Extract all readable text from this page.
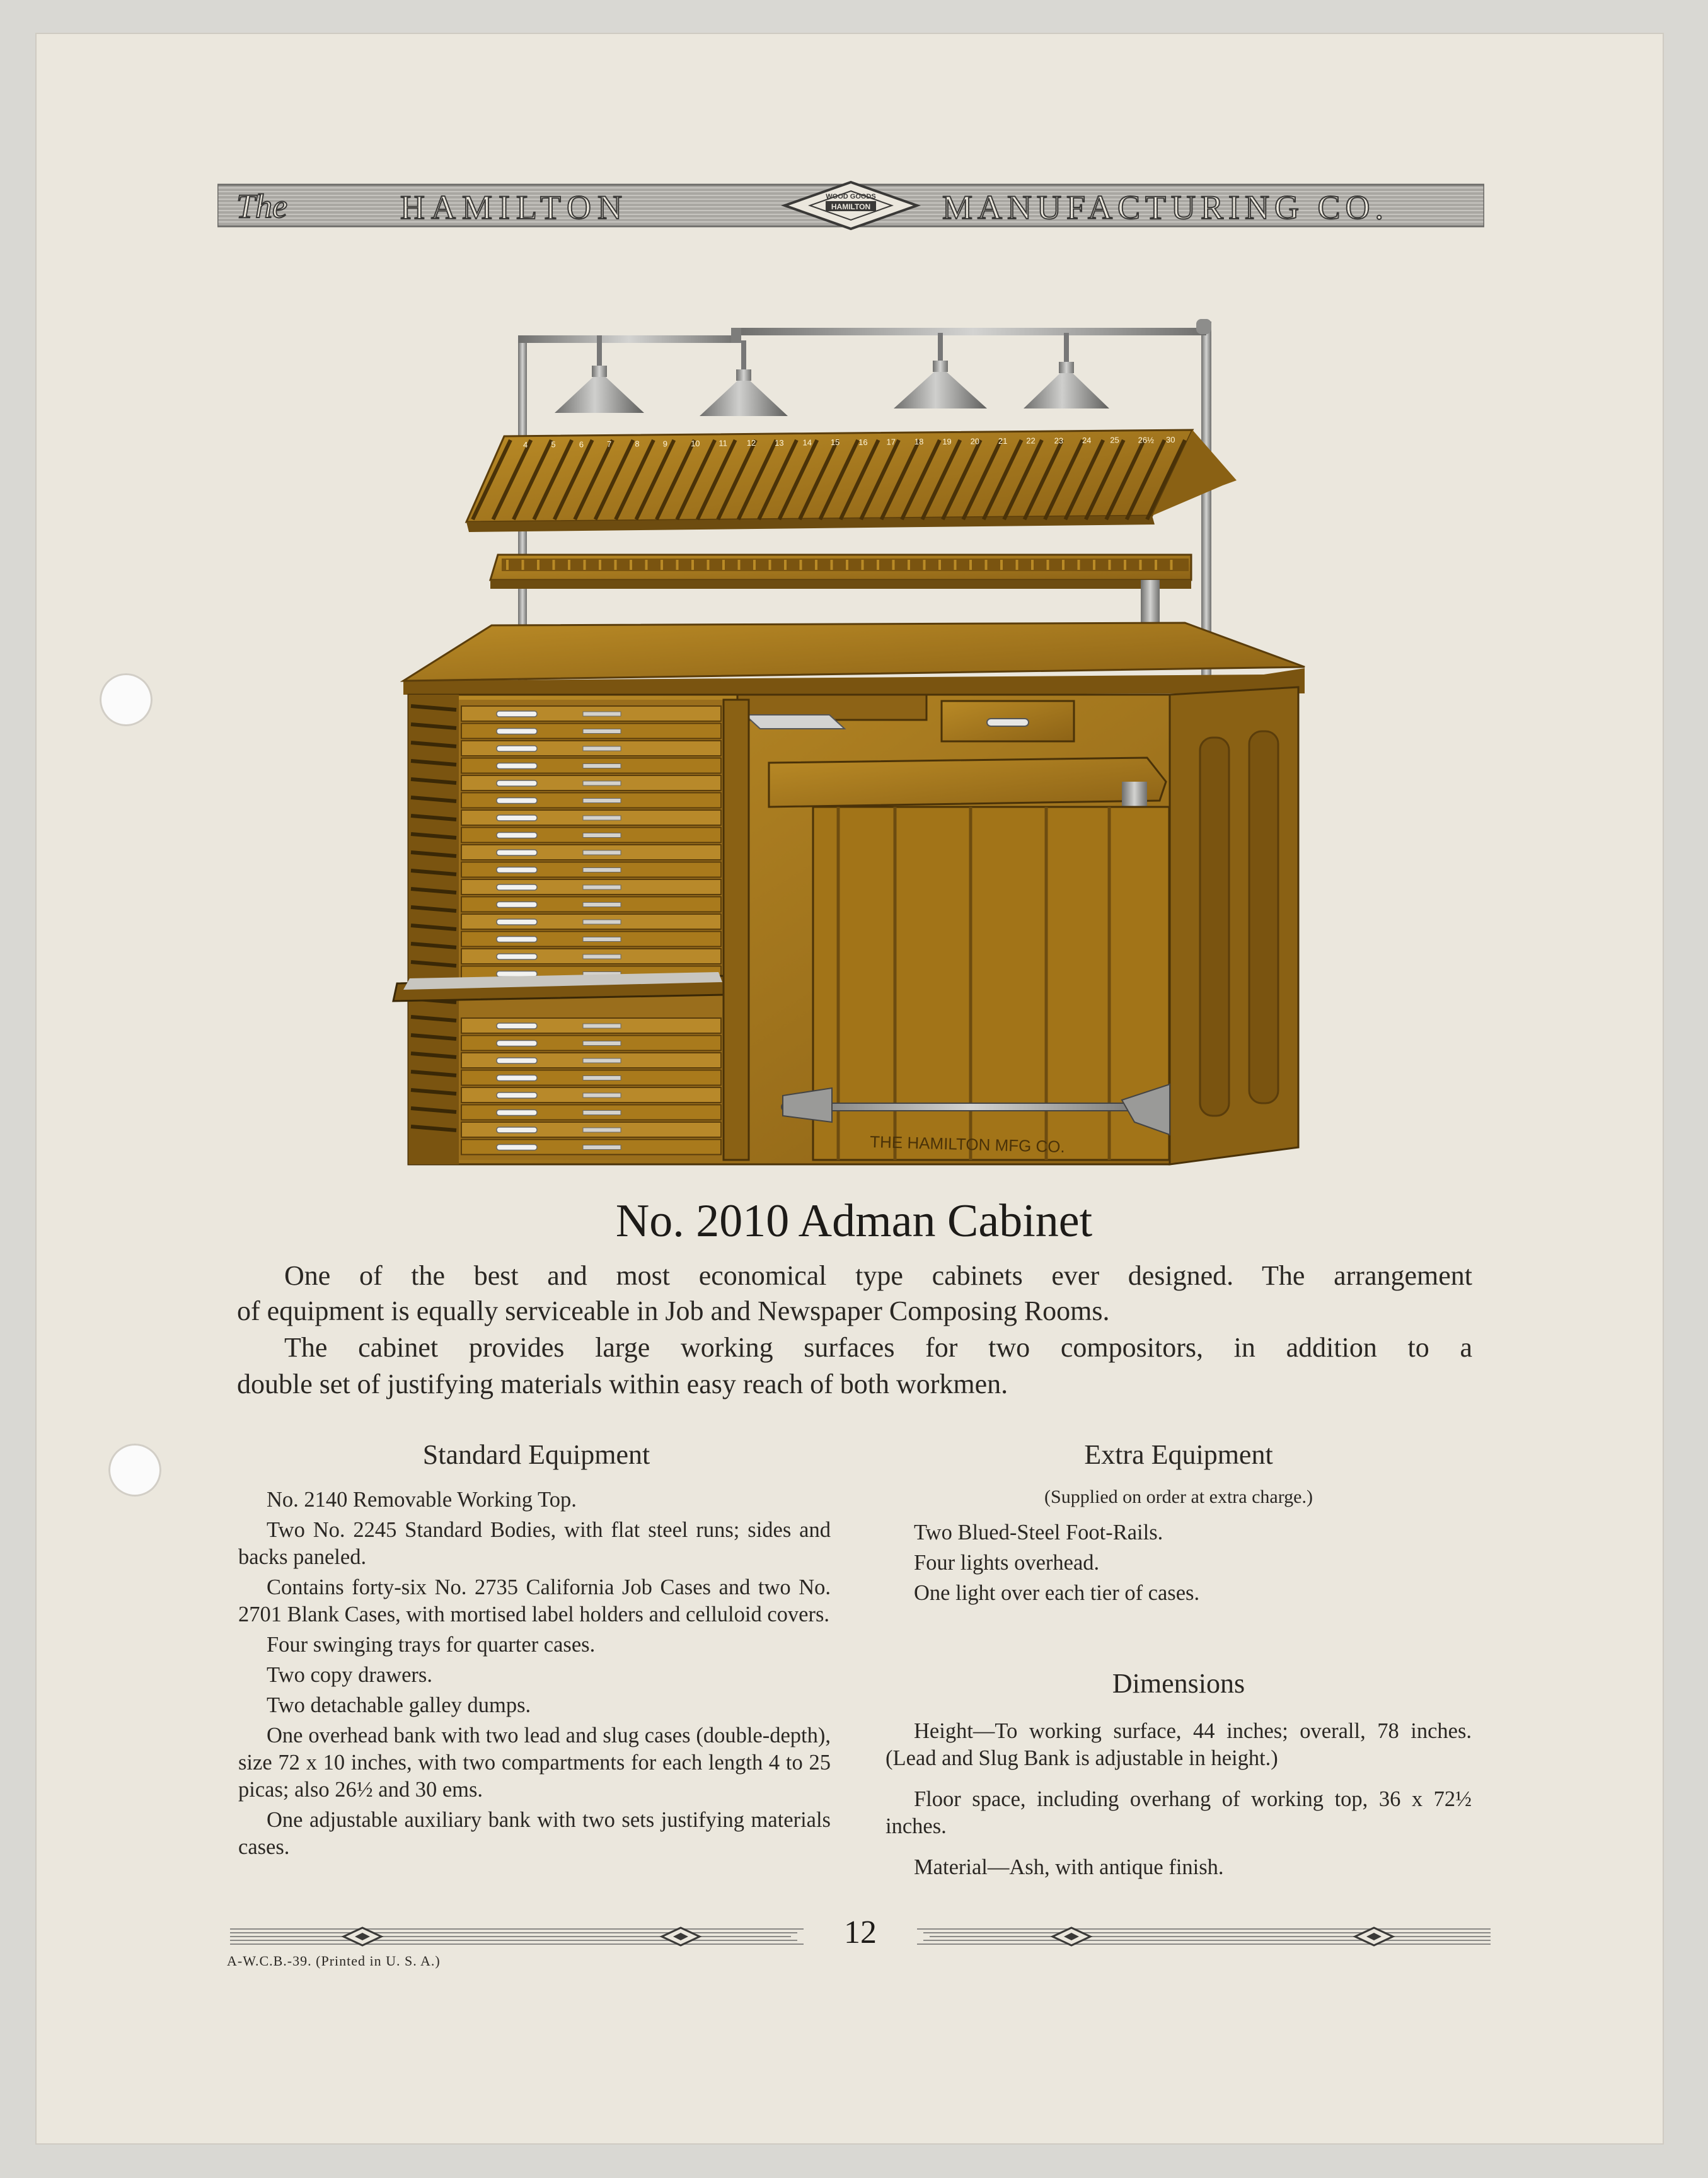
The	HAMILTON	WOOD GOODS
HAMILTON MANUFACTURING CO.
4	5	6	7	8	9	10 11 12 13 14 15 16 17 18 19 20 21 22 23 24 25 26½ 30
THE HAMILTON MFG CO.
No. 2010 Adman Cabinet
One of the best and most economical type cabinets ever designed. The arrangement
of equipment is equally serviceable in Job and Newspaper Composing Rooms.
The cabinet provides large working surfaces for two compositors, in addition to a
double set of justifying materials within easy reach of both workmen.
Standard Equipment

No. 2140 Removable Working Top.

Two No. 2245 Standard Bodies, with flat steel runs; sides and backs paneled.

Contains forty-six No. 2735 California Job Cases and two No. 2701 Blank Cases, with mortised label holders and celluloid covers.

Four swinging trays for quarter cases.

Two copy drawers.

Two detachable galley dumps.

One overhead bank with two lead and slug cases (double-depth), size 72 x 10 inches, with two compartments for each length 4 to 25 picas; also 26½ and 30 ems.

One adjustable auxiliary bank with two sets justifying materials cases.

Extra Equipment
(Supplied on order at extra charge.)

Two Blued-Steel Foot-Rails.

Four lights overhead.

One light over each tier of cases.

Dimensions

Height—To working surface, 44 inches; overall, 78 inches. (Lead and Slug Bank is adjustable in height.)

Floor space, including overhang of working top, 36 x 72½ inches.

Material—Ash, with antique finish.

12
A-W.C.B.-39. (Printed in U. S. A.)
